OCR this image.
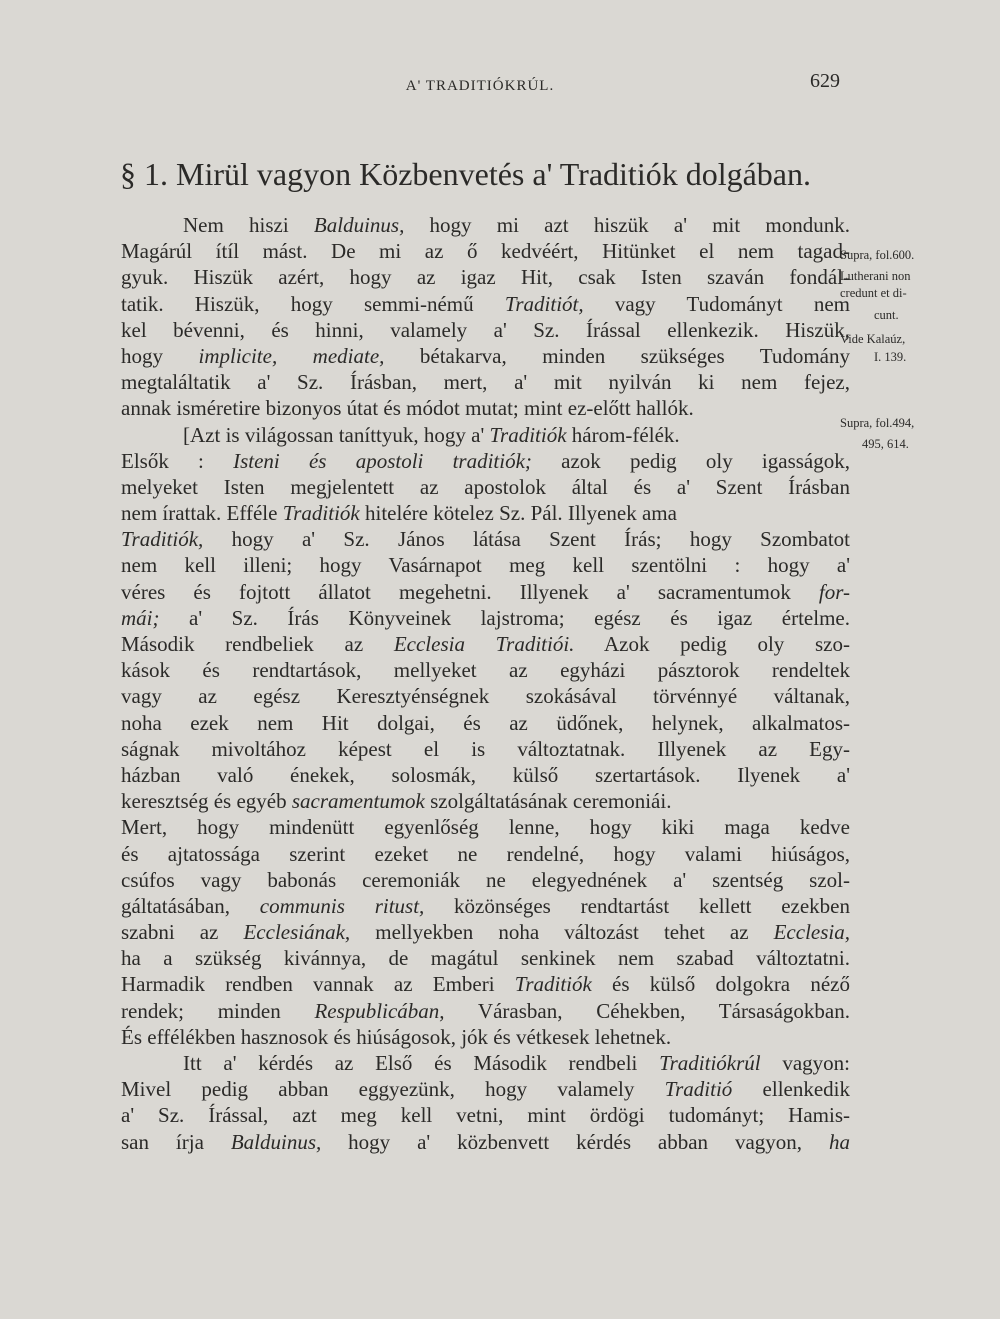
A' TRADITIÓKRÚL.	629
§ 1. Mirül vagyon Közbenvetés a' Traditiók dolgában.
Nem hiszi Balduinus, hogy mi azt hiszük a' mit mondunk.
Magárúl ítíl mást. De mi az ő kedvéért, Hitünket el nem tagad-
gyuk. Hiszük azért, hogy az igaz Hit, csak Isten szaván fondál-
tatik. Hiszük, hogy semmi-némű Traditiót, vagy Tudományt nem
kel bévenni, és hinni, valamely a' Sz. Írással ellenkezik. Hiszük,
hogy implicite, mediate, bétakarva, minden szükséges Tudomány
megtaláltatik a' Sz. Írásban, mert, a' mit nyilván ki nem fejez,
annak isméretire bizonyos útat és módot mutat; mint ez-előtt hallók.
[Azt is világossan taníttyuk, hogy a' Traditiók három-félék.
Elsők : Isteni és apostoli traditiók; azok pedig oly igasságok,
melyeket Isten megjelentett az apostolok által és a' Szent Írásban
nem írattak. Efféle Traditiók hitelére kötelez Sz. Pál. Illyenek ama
Traditiók, hogy a' Sz. János látása Szent Írás; hogy Szombatot
nem kell illeni; hogy Vasárnapot meg kell szentölni : hogy a'
véres és fojtott állatot megehetni. Illyenek a' sacramentumok for-
mái; a' Sz. Írás Könyveinek lajstroma; egész és igaz értelme.
Második rendbeliek az Ecclesia Traditiói. Azok pedig oly szo-
kások és rendtartások, mellyeket az egyházi pásztorok rendeltek
vagy az egész Keresztyénségnek szokásával törvénnyé váltanak,
noha ezek nem Hit dolgai, és az üdőnek, helynek, alkalmatos-
ságnak mivoltához képest el is változtatnak. Illyenek az Egy-
házban való énekek, solosmák, külső szertartások. Ilyenek a'
keresztség és egyéb sacramentumok szolgáltatásának ceremoniái.
Mert, hogy mindenütt egyenlőség lenne, hogy kiki maga kedve
és ajtatossága szerint ezeket ne rendelné, hogy valami hiúságos,
csúfos vagy babonás ceremoniák ne elegyednének a' szentség szol-
gáltatásában, communis ritust, közönséges rendtartást kellett ezekben
szabni az Ecclesiának, mellyekben noha változást tehet az Ecclesia,
ha a szükség kivánnya, de magátul senkinek nem szabad változtatni.
Harmadik rendben vannak az Emberi Traditiók és külső dolgokra néző
rendek; minden Respublicában, Várasban, Céhekben, Társaságokban.
És effélékben hasznosok és hiúságosok, jók és vétkesek lehetnek.
Itt a' kérdés az Első és Második rendbeli Traditiókrúl vagyon:
Mivel pedig abban eggyezünk, hogy valamely Traditió ellenkedik
a' Sz. Írással, azt meg kell vetni, mint ördögi tudományt; Hamis-
san írja Balduinus, hogy a' közbenvett kérdés abban vagyon, ha
Supra, fol.600.
Lutherani non
credunt et di-
cunt.
Vide Kalaúz,
I. 139.
Supra, fol.494,
495, 614.
